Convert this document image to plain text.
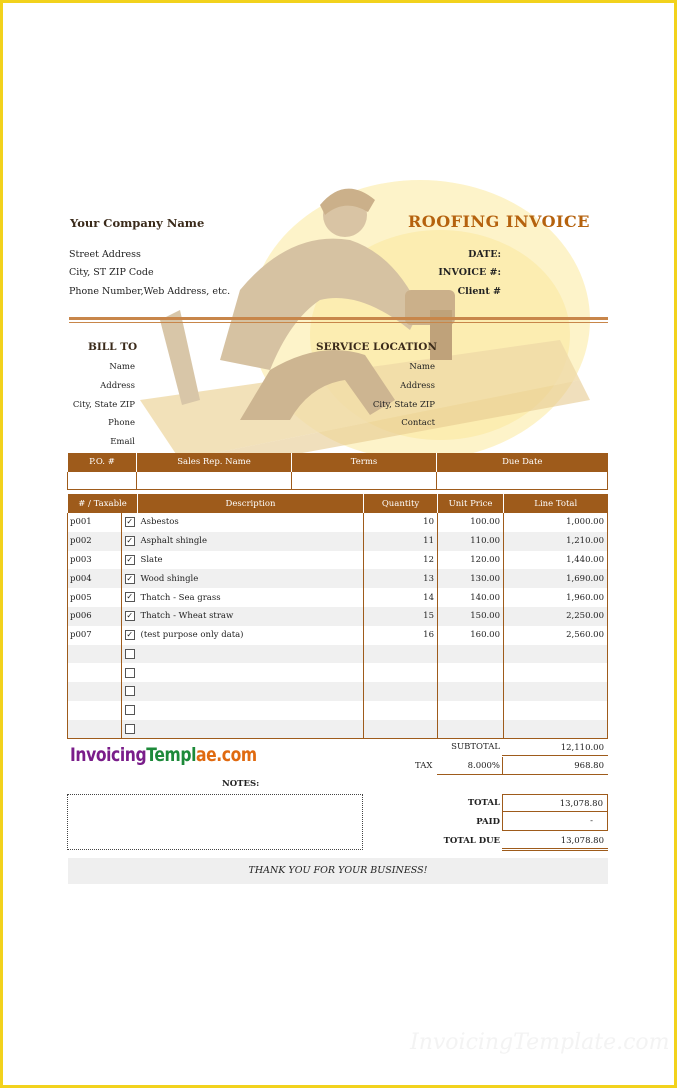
Your Company Name	ROOFING INVOICE
Street Address
City, ST ZIP Code
Phone Number,Web Address, etc.
DATE:
INVOICE #:
Client #
BILL TO	SERVICE LOCATION
Name
Address
City, State ZIP
Phone
Email
Name
Address
City, State ZIP
Contact
P.O. #	Sales Rep. Name	Terms	Due Date

# / Taxable		Description	Quantity	Unit Price	Line Total
p001	✓	Asbestos	10	100.00	1,000.00
p002	✓	Asphalt shingle	11	110.00	1,210.00
p003	✓	Slate	12	120.00	1,440.00
p004	✓	Wood shingle	13	130.00	1,690.00
p005	✓	Thatch - Sea grass	14	140.00	1,960.00
p006	✓	Thatch - Wheat straw	15	150.00	2,250.00
p007	✓	(test purpose only data)	16	160.00	2,560.00

InvoicingTemplae.com	SUBTOTAL	12,110.00
TAX	8.000%	968.80
NOTES:
TOTAL	13,078.80
PAID	-
TOTAL DUE	13,078.80
THANK YOU FOR YOUR BUSINESS!
InvoicingTemplate.com
